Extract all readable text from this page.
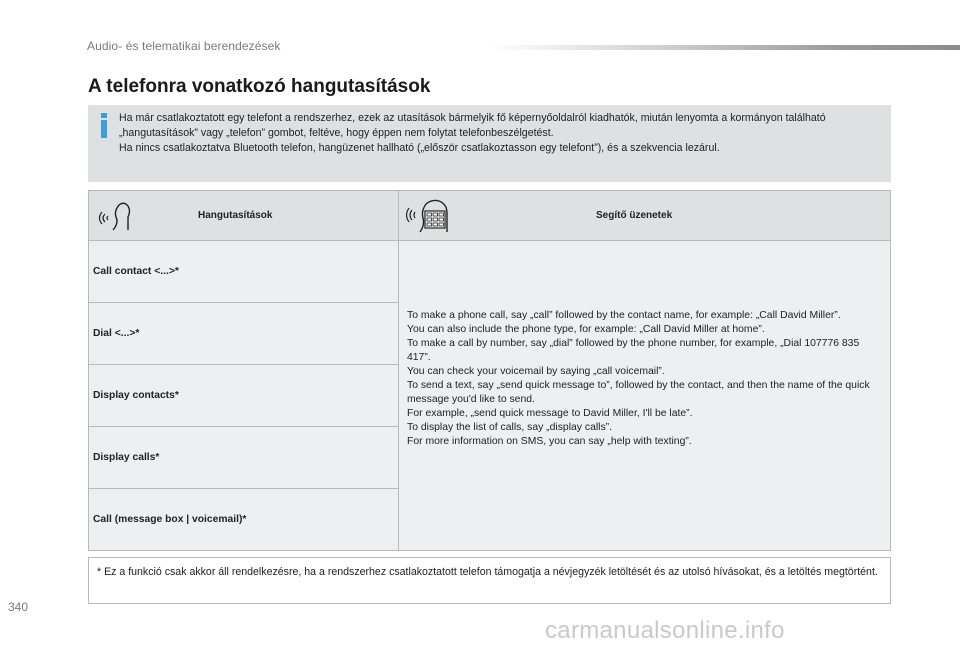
Audio- és telematikai berendezések
A telefonra vonatkozó hangutasítások

Ha már csatlakoztatott egy telefont a rendszerhez, ezek az utasítások bármelyik fő képernyőoldalról kiadhatók, miután lenyomta a kormányon található „hangutasítások” vagy „telefon” gombot, feltéve, hogy éppen nem folytat telefonbeszélgetést.

Ha nincs csatlakoztatva Bluetooth telefon, hangüzenet hallható („először csatlakoztasson egy telefont”), és a szekvencia lezárul.

Hangutasítások	Segítő üzenetek
Call contact <...>*
Dial <...>*
Display contacts*
Display calls*
Call (message box | voicemail)*

To make a phone call, say „call” followed by the contact name, for example: „Call David Miller”.

You can also include the phone type, for example: „Call David Miller at home”.

To make a call by number, say „dial” followed by the phone number, for example, „Dial 107776 835 417”.

You can check your voicemail by saying „call voicemail”.

To send a text, say „send quick message to”, followed by the contact, and then the name of the quick message you'd like to send.

For example, „send quick message to David Miller, I'll be late”.

To display the list of calls, say „display calls”.

For more information on SMS, you can say „help with texting”.

* Ez a funkció csak akkor áll rendelkezésre, ha a rendszerhez csatlakoztatott telefon támogatja a névjegyzék letöltését és az utolsó hívásokat, és a letöltés megtörtént.

340
carmanualsonline.info
